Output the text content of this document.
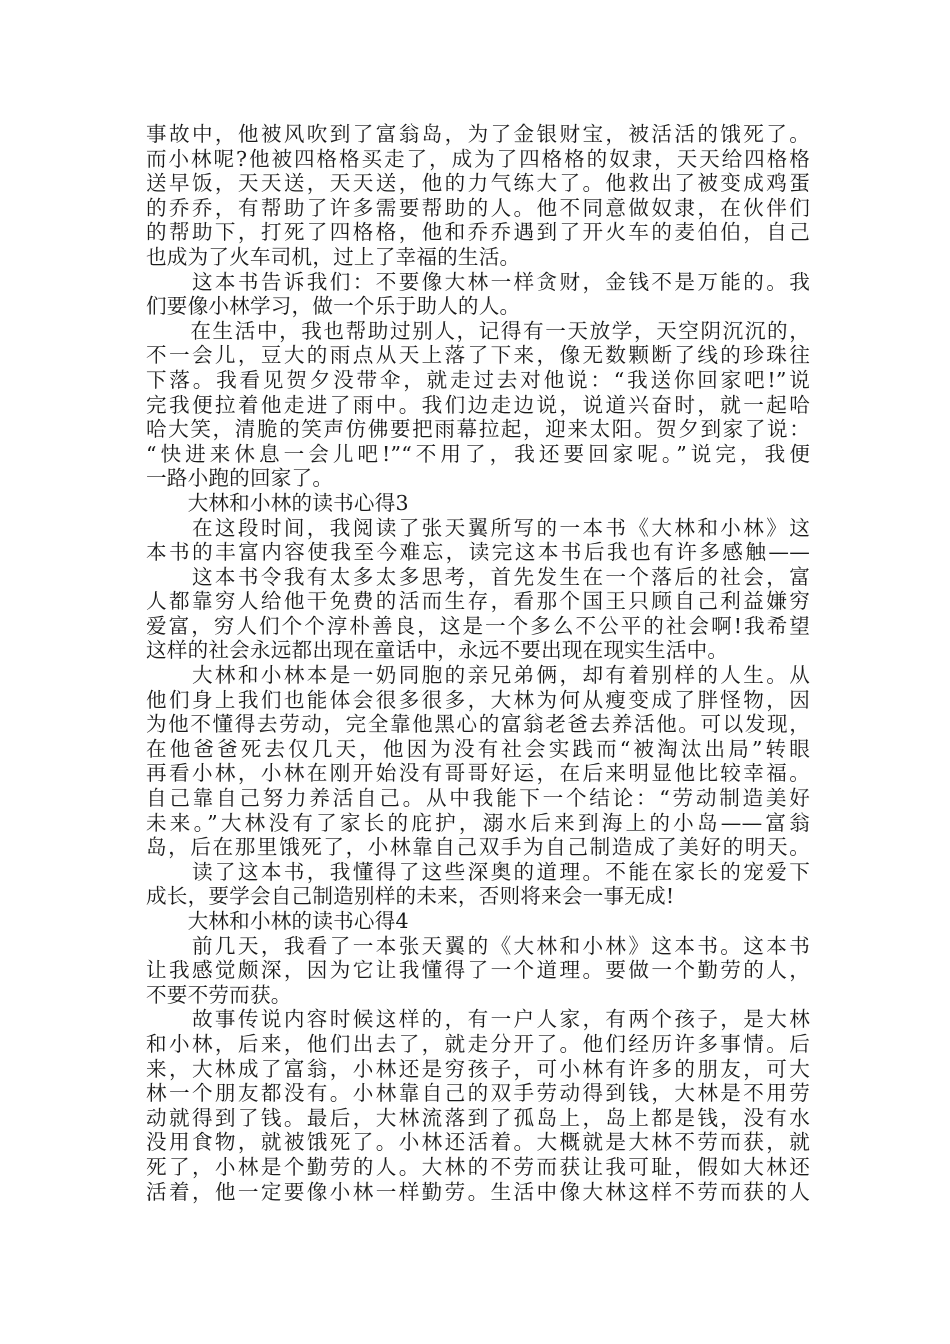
事故中，他被风吹到了富翁岛，为了金银财宝，被活活的饿死了。
而小林呢?他被四格格买走了，成为了四格格的奴隶，天天给四格格
送早饭，天天送，天天送，他的力气练大了。他救出了被变成鸡蛋
的乔乔，有帮助了许多需要帮助的人。他不同意做奴隶，在伙伴们
的帮助下，打死了四格格，他和乔乔遇到了开火车的麦伯伯，自己
也成为了火车司机，过上了幸福的生活。
　　这本书告诉我们：不要像大林一样贪财，金钱不是万能的。我
们要像小林学习，做一个乐于助人的人。
　　在生活中，我也帮助过别人，记得有一天放学，天空阴沉沉的，
不一会儿，豆大的雨点从天上落了下来，像无数颗断了线的珍珠往
下落。我看见贺夕没带伞，就走过去对他说：“我送你回家吧!”说
完我便拉着他走进了雨中。我们边走边说，说道兴奋时，就一起哈
哈大笑，清脆的笑声仿佛要把雨幕拉起，迎来太阳。贺夕到家了说：
“快进来休息一会儿吧!”“不用了，我还要回家呢。”说完，我便
一路小跑的回家了。
　　大林和小林的读书心得3
　　在这段时间，我阅读了张天翼所写的一本书《大林和小林》这
本书的丰富内容使我至今难忘，读完这本书后我也有许多感触——
　　这本书令我有太多太多思考，首先发生在一个落后的社会，富
人都靠穷人给他干免费的活而生存，看那个国王只顾自己利益嫌穷
爱富，穷人们个个淳朴善良，这是一个多么不公平的社会啊!我希望
这样的社会永远都出现在童话中，永远不要出现在现实生活中。
　　大林和小林本是一奶同胞的亲兄弟俩，却有着别样的人生。从
他们身上我们也能体会很多很多，大林为何从瘦变成了胖怪物，因
为他不懂得去劳动，完全靠他黑心的富翁老爸去养活他。可以发现，
在他爸爸死去仅几天，他因为没有社会实践而“被淘汰出局”转眼
再看小林，小林在刚开始没有哥哥好运，在后来明显他比较幸福。
自己靠自己努力养活自己。从中我能下一个结论：“劳动制造美好
未来。”大林没有了家长的庇护，溺水后来到海上的小岛——富翁
岛，后在那里饿死了，小林靠自己双手为自己制造成了美好的明天。
　　读了这本书，我懂得了这些深奥的道理。不能在家长的宠爱下
成长，要学会自己制造别样的未来，否则将来会一事无成!
　　大林和小林的读书心得4
　　前几天，我看了一本张天翼的《大林和小林》这本书。这本书
让我感觉颇深，因为它让我懂得了一个道理。要做一个勤劳的人，
不要不劳而获。
　　故事传说内容时候这样的，有一户人家，有两个孩子，是大林
和小林，后来，他们出去了，就走分开了。他们经历许多事情。后
来，大林成了富翁，小林还是穷孩子，可小林有许多的朋友，可大
林一个朋友都没有。小林靠自己的双手劳动得到钱，大林是不用劳
动就得到了钱。最后，大林流落到了孤岛上，岛上都是钱，没有水
没用食物，就被饿死了。小林还活着。大概就是大林不劳而获，就
死了，小林是个勤劳的人。大林的不劳而获让我可耻，假如大林还
活着，他一定要像小林一样勤劳。生活中像大林这样不劳而获的人
